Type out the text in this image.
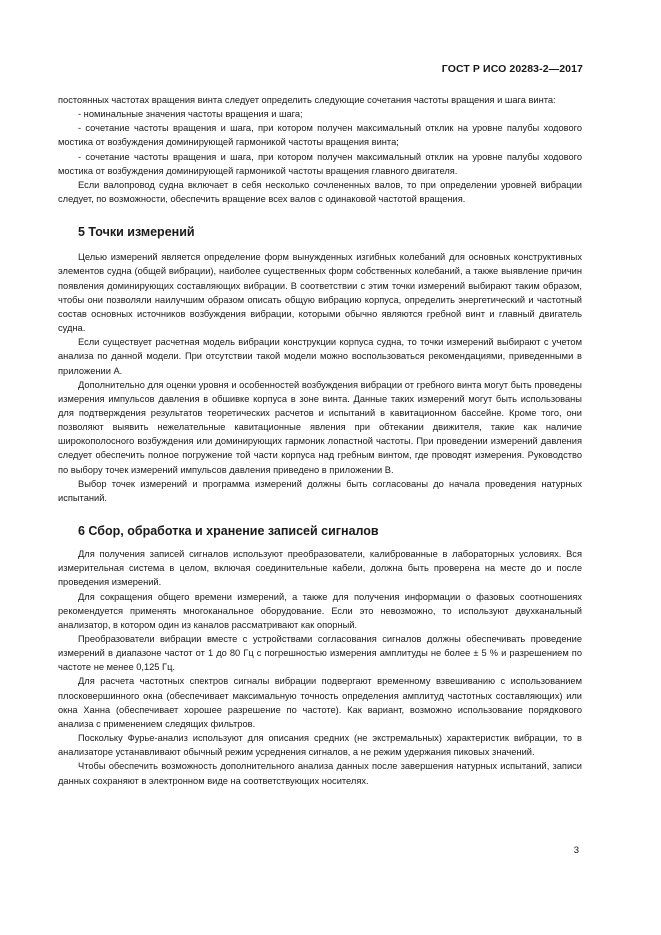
ГОСТ Р ИСО 20283-2—2017

постоянных частотах вращения винта следует определить следующие сочетания частоты вращения и шага винта:

- номинальные значения частоты вращения и шага;

- сочетание частоты вращения и шага, при котором получен максимальный отклик на уровне палубы ходового мостика от возбуждения доминирующей гармоникой частоты вращения винта;

- сочетание частоты вращения и шага, при котором получен максимальный отклик на уровне палубы ходового мостика от возбуждения доминирующей гармоникой частоты вращения главного двигателя.

Если валопровод судна включает в себя несколько сочлененных валов, то при определении уровней вибрации следует, по возможности, обеспечить вращение всех валов с одинаковой частотой вращения.

5 Точки измерений

Целью измерений является определение форм вынужденных изгибных колебаний для основных конструктивных элементов судна (общей вибрации), наиболее существенных форм собственных колебаний, а также выявление причин появления доминирующих составляющих вибрации. В соответствии с этим точки измерений выбирают таким образом, чтобы они позволяли наилучшим образом описать общую вибрацию корпуса, определить энергетический и частотный состав основных источников возбуждения вибрации, которыми обычно являются гребной винт и главный двигатель судна.

Если существует расчетная модель вибрации конструкции корпуса судна, то точки измерений выбирают с учетом анализа по данной модели. При отсутствии такой модели можно воспользоваться рекомендациями, приведенными в приложении А.

Дополнительно для оценки уровня и особенностей возбуждения вибрации от гребного винта могут быть проведены измерения импульсов давления в обшивке корпуса в зоне винта. Данные таких измерений могут быть использованы для подтверждения результатов теоретических расчетов и испытаний в кавитационном бассейне. Кроме того, они позволяют выявить нежелательные кавитационные явления при обтекании движителя, такие как наличие широкополосного возбуждения или доминирующих гармоник лопастной частоты. При проведении измерений давления следует обеспечить полное погружение той части корпуса над гребным винтом, где проводят измерения. Руководство по выбору точек измерений импульсов давления приведено в приложении В.

Выбор точек измерений и программа измерений должны быть согласованы до начала проведения натурных испытаний.

6 Сбор, обработка и хранение записей сигналов

Для получения записей сигналов используют преобразователи, калиброванные в лабораторных условиях. Вся измерительная система в целом, включая соединительные кабели, должна быть проверена на месте до и после проведения измерений.

Для сокращения общего времени измерений, а также для получения информации о фазовых соотношениях рекомендуется применять многоканальное оборудование. Если это невозможно, то используют двухканальный анализатор, в котором один из каналов рассматривают как опорный.

Преобразователи вибрации вместе с устройствами согласования сигналов должны обеспечивать проведение измерений в диапазоне частот от 1 до 80 Гц с погрешностью измерения амплитуды не более ± 5 % и разрешением по частоте не менее 0,125 Гц.

Для расчета частотных спектров сигналы вибрации подвергают временному взвешиванию с использованием плосковершинного окна (обеспечивает максимальную точность определения амплитуд частотных составляющих) или окна Ханна (обеспечивает хорошее разрешение по частоте). Как вариант, возможно использование порядкового анализа с применением следящих фильтров.

Поскольку Фурье-анализ используют для описания средних (не экстремальных) характеристик вибрации, то в анализаторе устанавливают обычный режим усреднения сигналов, а не режим удержания пиковых значений.

Чтобы обеспечить возможность дополнительного анализа данных после завершения натурных испытаний, записи данных сохраняют в электронном виде на соответствующих носителях.

3
